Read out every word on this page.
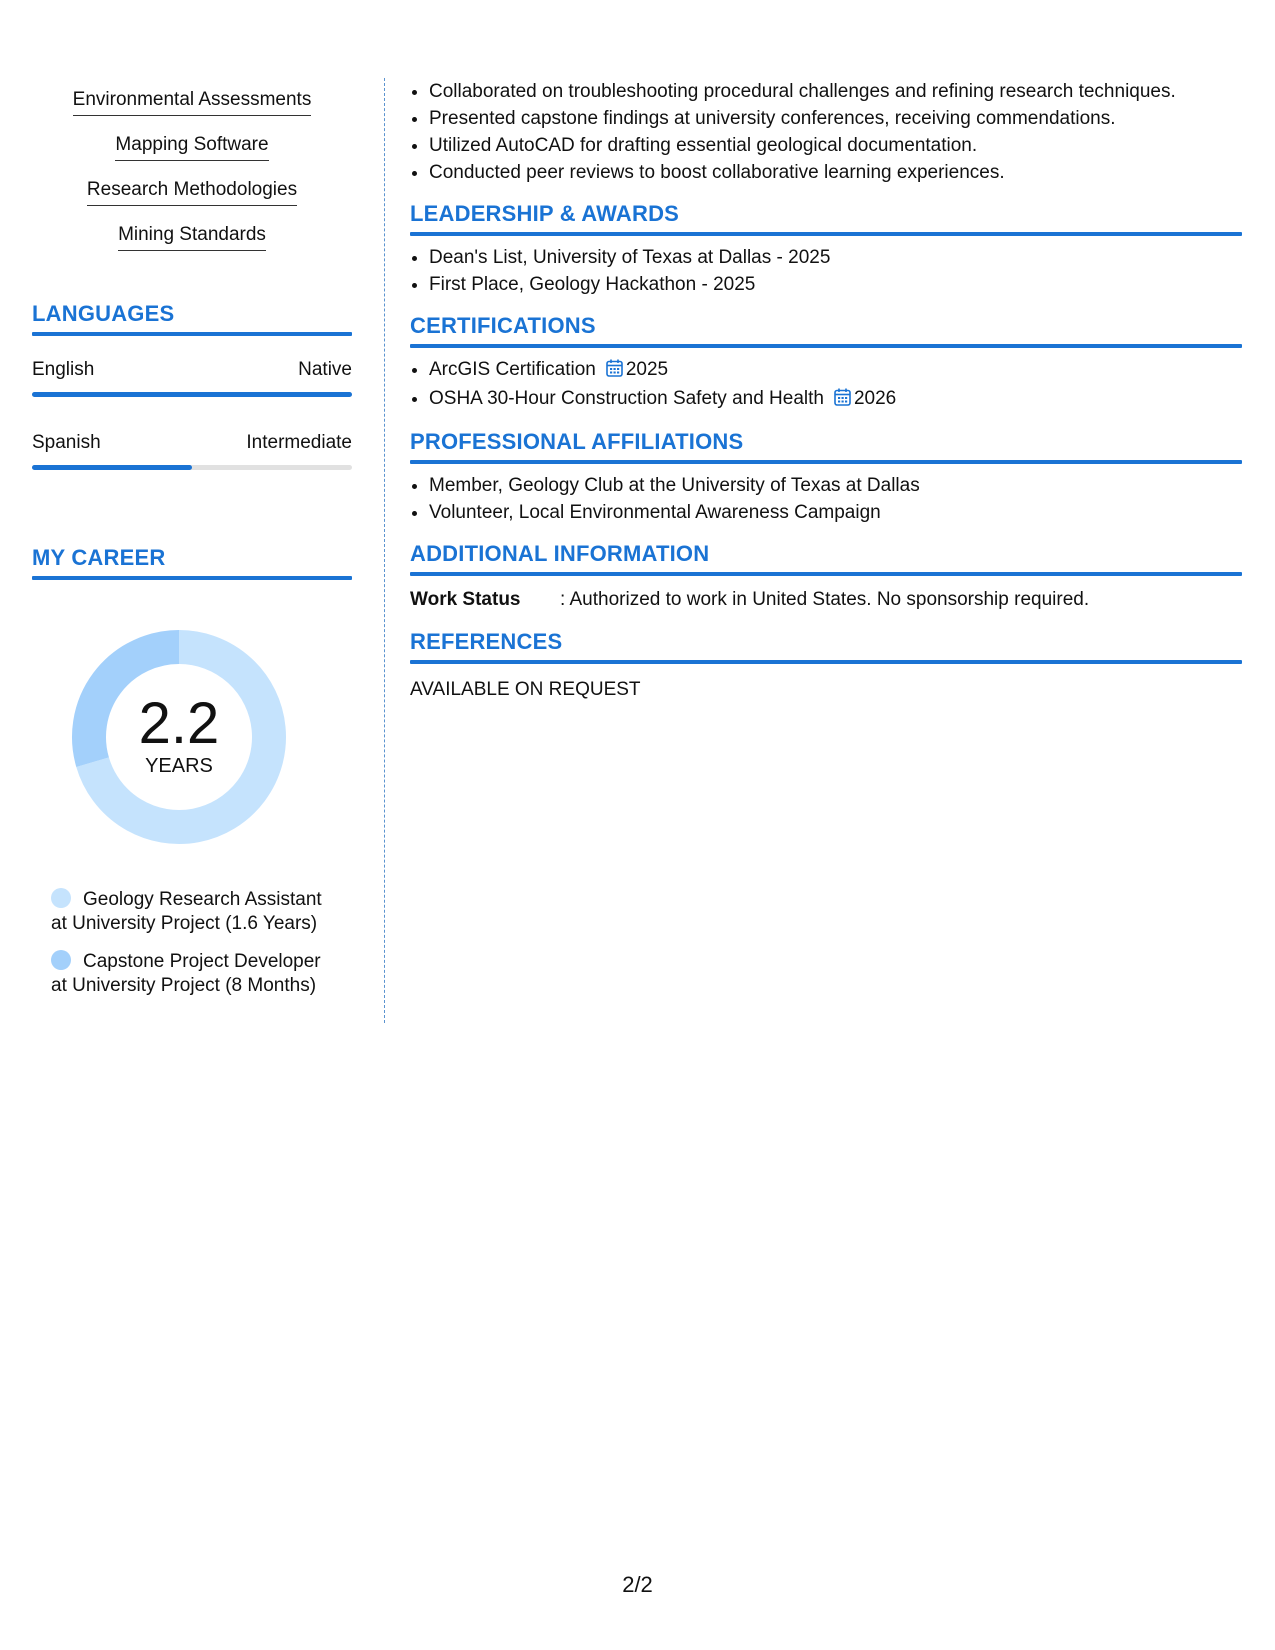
Environmental Assessments
Mapping Software
Research Methodologies
Mining Standards
LANGUAGES
English	Native
Spanish	Intermediate
MY CAREER
2.2
YEARS
Geology Research Assistant
at University Project (1.6 Years)
Capstone Project Developer
at University Project (8 Months)
• Collaborated on troubleshooting procedural challenges and refining research techniques.
• Presented capstone findings at university conferences, receiving commendations.
• Utilized AutoCAD for drafting essential geological documentation.
• Conducted peer reviews to boost collaborative learning experiences.
LEADERSHIP & AWARDS
• Dean's List, University of Texas at Dallas - 2025
• First Place, Geology Hackathon - 2025
CERTIFICATIONS
• ArcGIS Certification 2025
• OSHA 30-Hour Construction Safety and Health 2026
PROFESSIONAL AFFILIATIONS
• Member, Geology Club at the University of Texas at Dallas
• Volunteer, Local Environmental Awareness Campaign
ADDITIONAL INFORMATION
Work Status	: Authorized to work in United States. No sponsorship required.
REFERENCES
AVAILABLE ON REQUEST
2/2
